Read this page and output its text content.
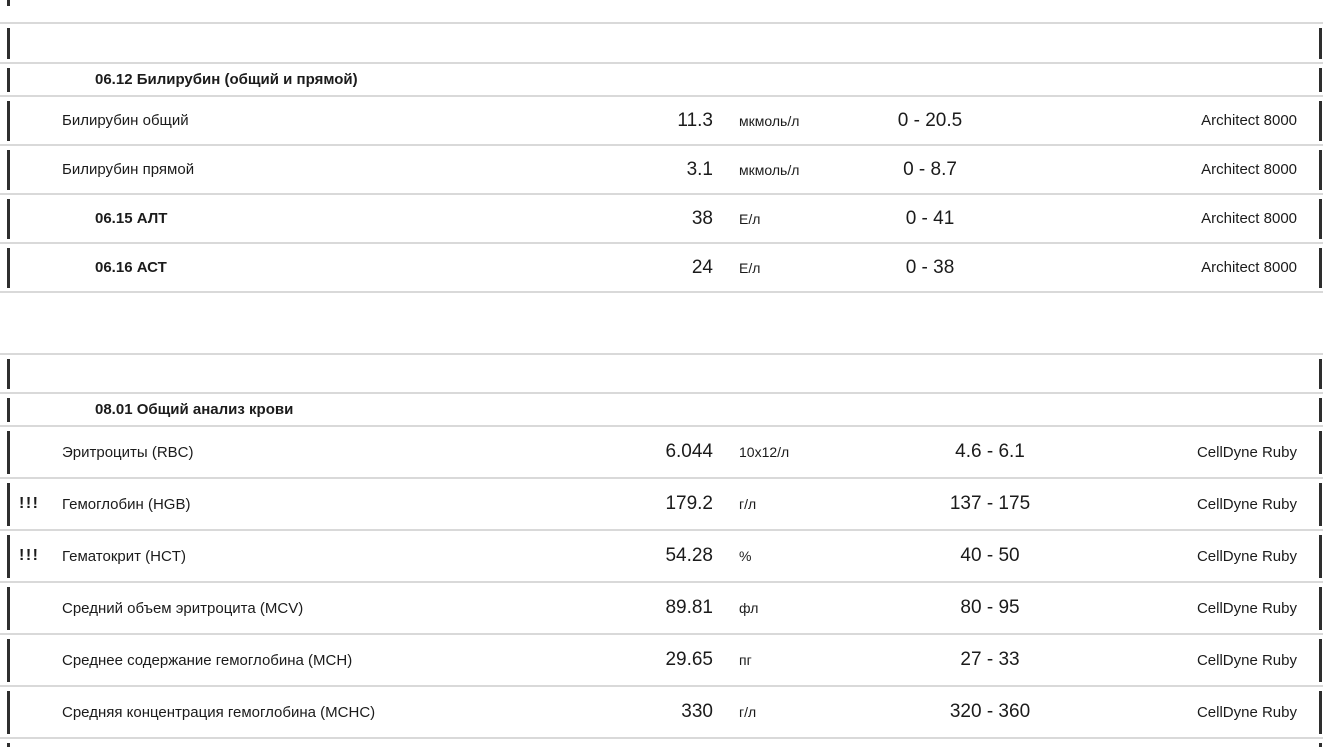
06.12 Билирубин (общий и прямой)
Билирубин общий	11.3	мкмоль/л	0 - 20.5	Architect 8000
Билирубин прямой	3.1	мкмоль/л	0 - 8.7	Architect 8000
06.15 АЛТ	38	Е/л	0 - 41	Architect 8000
06.16 АСТ	24	Е/л	0 - 38	Architect 8000
08.01 Общий анализ крови
Эритроциты (RBC)	6.044	10x12/л	4.6 - 6.1	CellDyne Ruby
!!!	Гемоглобин (HGB)	179.2	г/л	137 - 175	CellDyne Ruby
!!!	Гематокрит (HCT)	54.28	%	40 - 50	CellDyne Ruby
Средний объем эритроцита (MCV)	89.81	фл	80 - 95	CellDyne Ruby
Среднее содержание гемоглобина (MCH)	29.65	пг	27 - 33	CellDyne Ruby
Средняя концентрация гемоглобина (MCHC)	330	г/л	320 - 360	CellDyne Ruby
